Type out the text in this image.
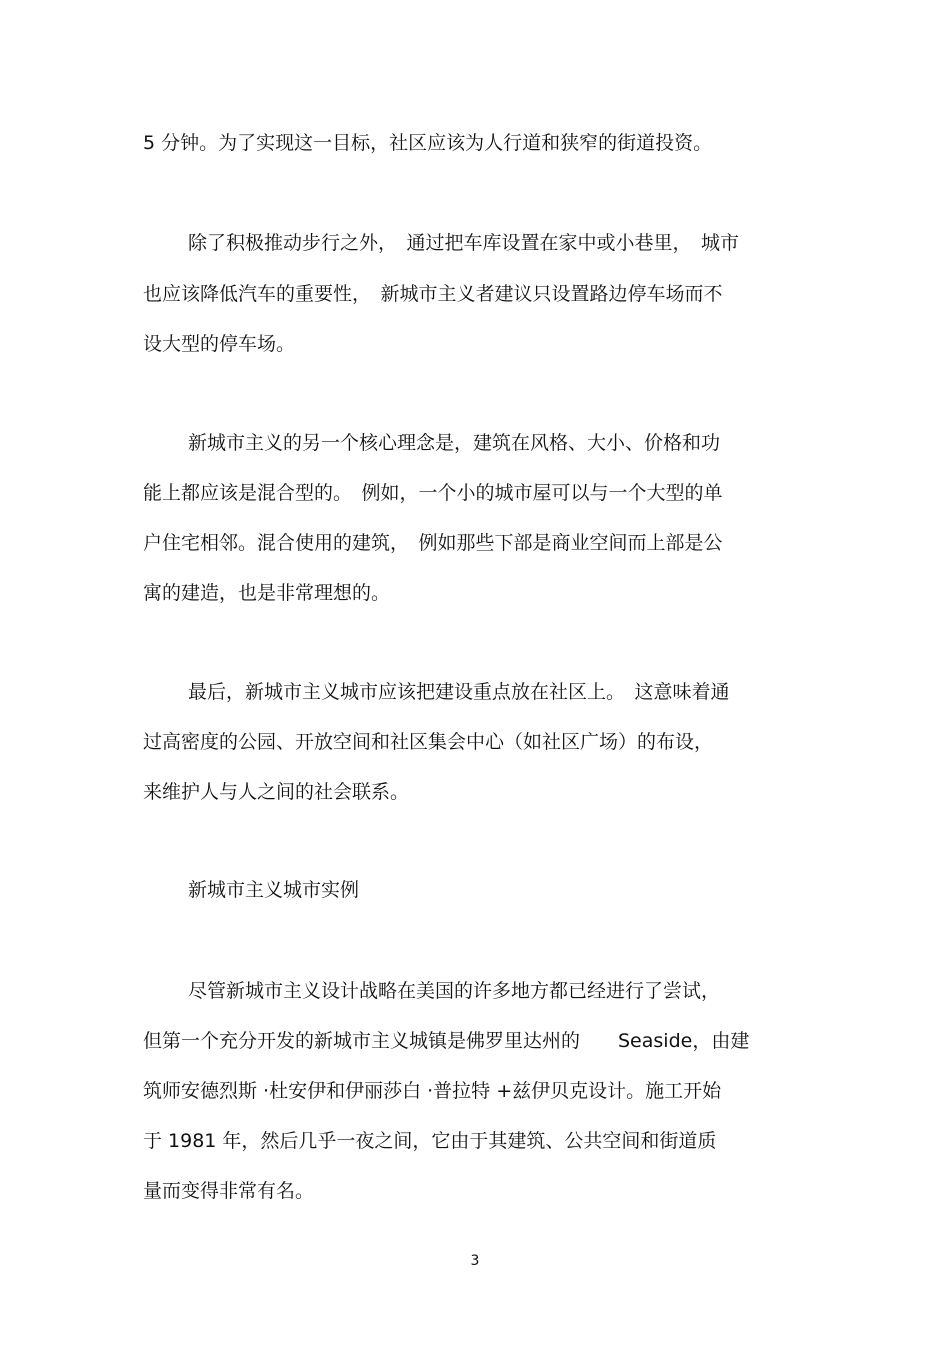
5 分钟。为了实现这一目标，社区应该为人行道和狭窄的街道投资。

除了积极推动步行之外，　通过把车库设置在家中或小巷里，　城市

也应该降低汽车的重要性，　新城市主义者建议只设置路边停车场而不

设大型的停车场。

新城市主义的另一个核心理念是，建筑在风格、大小、价格和功

能上都应该是混合型的。　例如，一个小的城市屋可以与一个大型的单

户住宅相邻。混合使用的建筑，　例如那些下部是商业空间而上部是公

寓的建造，也是非常理想的。

最后，新城市主义城市应该把建设重点放在社区上。　这意味着通

过高密度的公园、开放空间和社区集会中心（如社区广场）的布设，

来维护人与人之间的社会联系。

新城市主义城市实例

尽管新城市主义设计战略在美国的许多地方都已经进行了尝试，

但第一个充分开发的新城市主义城镇是佛罗里达州的　　Seaside，由建

筑师安德烈斯 ·杜安伊和伊丽莎白 ·普拉特 +兹伊贝克设计。施工开始

于 1981 年，然后几乎一夜之间，它由于其建筑、公共空间和街道质

量而变得非常有名。

3
